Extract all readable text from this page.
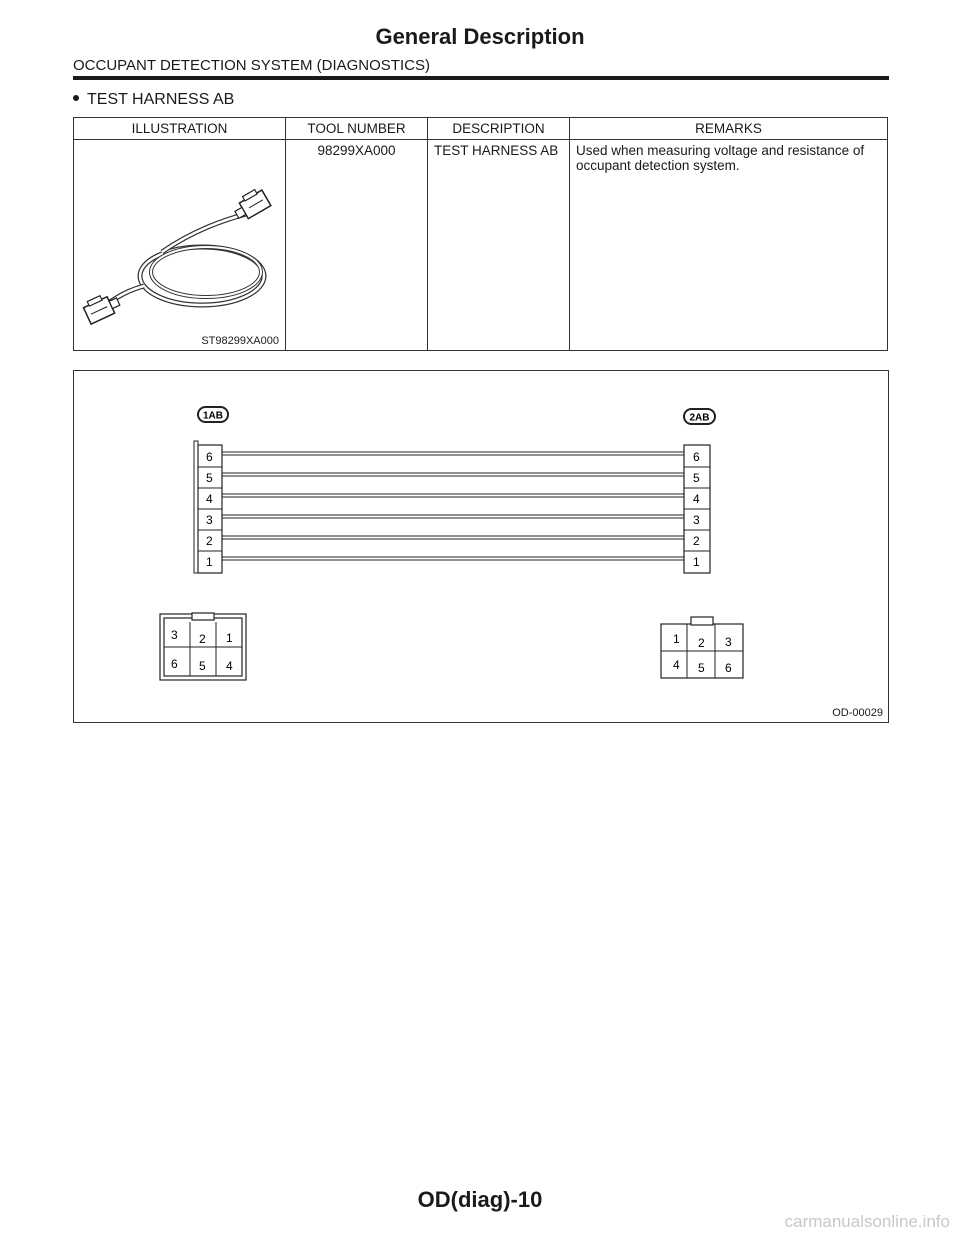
General Description
OCCUPANT DETECTION SYSTEM (DIAGNOSTICS)
TEST HARNESS AB
ILLUSTRATION	TOOL NUMBER	DESCRIPTION	REMARKS

ST98299XA000	98299XA000	TEST HARNESS AB	Used when measuring voltage and resistance of occupant detection system.
1AB	2AB
6
5
4
3
2
1
6
5
4
3
2
1
3 2 1
6 5 4
1 2 3
4 5 6
OD-00029
OD(diag)-10
carmanualsonline.info
